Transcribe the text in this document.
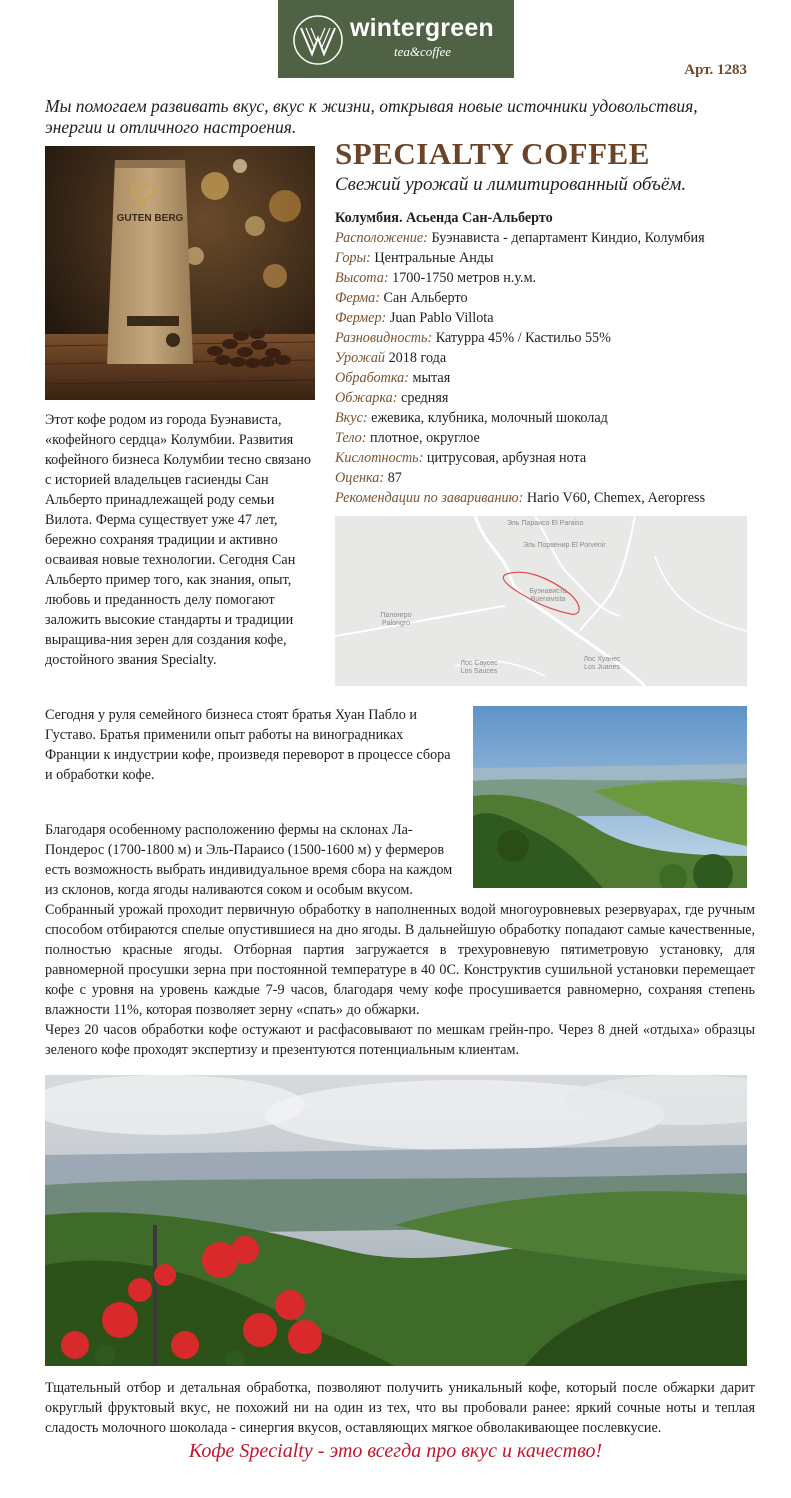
wintergreen
tea&coffee
Арт. 1283
Мы помогаем развивать вкус, вкус к жизни, открывая новые источники удовольствия, энергии и отличного настроения.
GUTEN BERG
SPECIALTY COFFEE
Свежий урожай и лимитированный объём.
Колумбия. Асьенда Сан-Альберто
Расположение: Буэнависта - департамент Киндио, Колумбия
Горы: Центральные Анды
Высота: 1700-1750 метров н.у.м.
Ферма: Сан Альберто
Фермер: Juan Pablo Villota
Разновидность: Катурра 45% / Кастильо 55%
Урожай 2018 года
Обработка: мытая
Обжарка: средняя
Вкус: ежевика, клубника, молочный шоколад
Тело: плотное, округлое
Кислотность: цитрусовая, арбузная нота
Оценка: 87
Рекомендации по завариванию: Hario V60, Chemex, Aeropress
Эль Параисо El Paraiso
Эль Порвенир El Porvenir
Буэнависта Buenavista
Палонгро Palongro
Лос Саусес Los Sauces
Лос Хуанес Los Juanes
Этот кофе родом из города Буэнависта, «кофейного сердца» Колумбии. Развития кофейного бизнеса Колумбии тесно связано с историей владельцев гасиенды Сан Альберто принадлежащей роду семьи Вилота. Ферма существует уже 47 лет, бережно сохраняя традиции и активно осваивая новые технологии. Сегодня Сан Альберто пример того, как знания, опыт, любовь и преданность делу помогают заложить высокие стандарты и традиции выращива-ния зерен для создания кофе, достойного звания Specialty.
Сегодня у руля семейного бизнеса стоят братья Хуан Пабло и Густаво. Братья применили опыт работы на виноградниках Франции к индустрии кофе, произведя переворот в процессе сбора и обработки кофе.
Благодаря особенному расположению фермы на склонах Ла-Пондерос (1700-1800 м) и Эль-Параисо (1500-1600 м) у фермеров есть возможность выбрать индивидуальное время сбора на каждом из склонов, когда ягоды наливаются соком и особым вкусом.

Собранный урожай проходит первичную обработку в наполненных водой многоуровневых резервуарах, где ручным способом отбираются спелые опустившиеся на дно ягоды. В дальнейшую обработку попадают самые качественные, полностью красные ягоды. Отборная партия загружается в трехуровневую пятиметровую установку, для равномерной просушки зерна при постоянной температуре в 40 0С. Конструктив сушильной установки перемещает кофе с уровня на уровень каждые 7-9 часов, благодаря чему кофе просушивается равномерно, сохраняя степень влажности 11%, которая позволяет зерну «спать» до обжарки.

Через 20 часов обработки кофе остужают и расфасовывают по мешкам грейн-про. Через 8 дней «отдыха» образцы зеленого кофе проходят экспертизу и презентуются потенциальным клиентам.

Тщательный отбор и детальная обработка, позволяют получить уникальный кофе, который после обжарки дарит округлый фруктовый вкус, не похожий ни на один из тех, что вы пробовали ранее: яркий сочные ноты и теплая сладость молочного шоколада - синергия вкусов, оставляющих мягкое обволакивающее послевкусие.
Кофе Specialty - это всегда про вкус и качество!
